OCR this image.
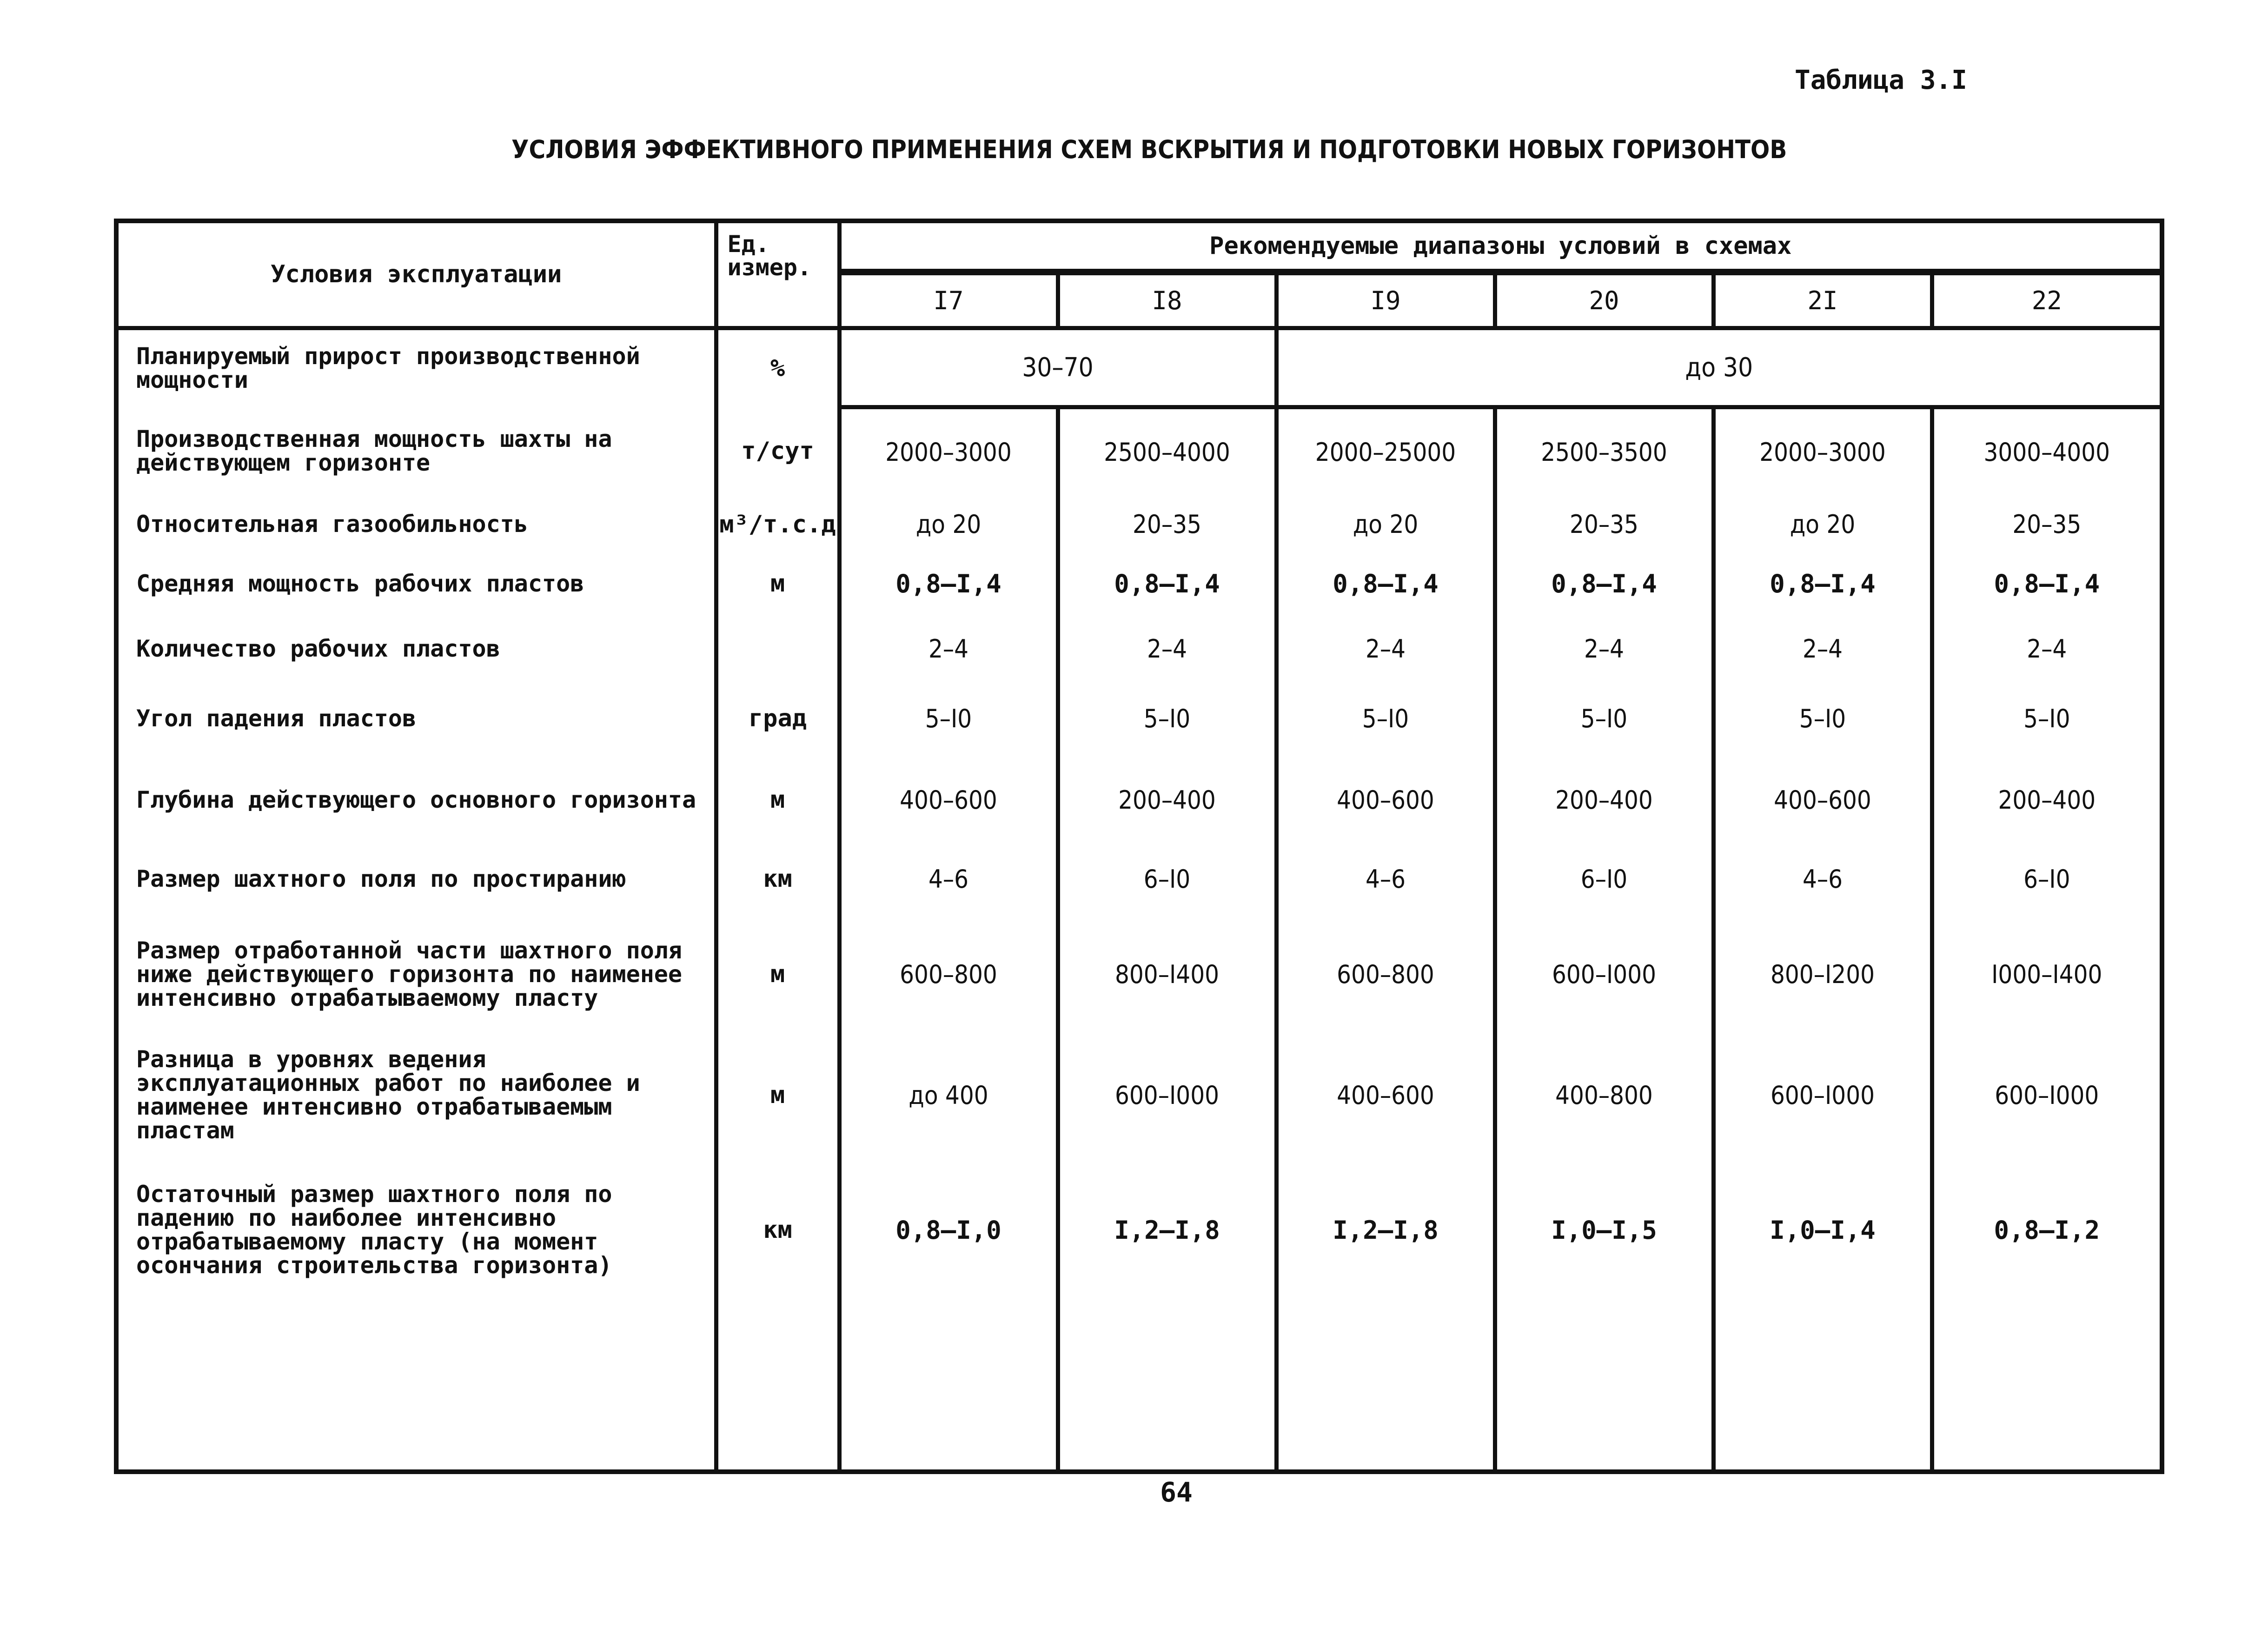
Таблица 3.I
УСЛОВИЯ ЭФФЕКТИВНОГО ПРИМЕНЕНИЯ СХЕМ ВСКРЫТИЯ И ПОДГОТОВКИ НОВЫХ ГОРИЗОНТОВ
Условия эксплуатации	Ед. измер.	Рекомендуемые диапазоны условий в схемах					
		I7	I8	I9	20	2I	22
Планируемый прирост производственной мощности	%	30–70		до 30			
Производственная мощность шахты на действующем горизонте	т/сут	2000–3000	2500–4000	2000–25000	2500–3500	2000–3000	3000–4000
Относительная газообильность	м³/т.с.д	до 20	20–35	до 20	20–35	до 20	20–35
Средняя мощность рабочих пластов	м	0,8–I,4	0,8–I,4	0,8–I,4	0,8–I,4	0,8–I,4	0,8–I,4
Количество рабочих пластов		2–4	2–4	2–4	2–4	2–4	2–4
Угол падения пластов	град	5–I0	5–I0	5–I0	5–I0	5–I0	5–I0
Глубина действующего основного горизонта	м	400–600	200–400	400–600	200–400	400–600	200–400
Размер шахтного поля по простиранию	км	4–6	6–I0	4–6	6–I0	4–6	6–I0
Размер отработанной части шахтного поля ниже действующего горизонта по наименее интенсивно отрабатываемому пласту	м	600–800	800–I400	600–800	600–I000	800–I200	I000–I400
Разница в уровнях ведения эксплуатационных работ по наиболее и наименее интенсивно отрабатываемым пластам	м	до 400	600–I000	400–600	400–800	600–I000	600–I000
Остаточный размер шахтного поля по падению по наиболее интенсивно отрабатываемому пласту (на момент осончания строительства горизонта)	км	0,8–I,0	I,2–I,8	I,2–I,8	I,0–I,5	I,0–I,4	0,8–I,2

64
